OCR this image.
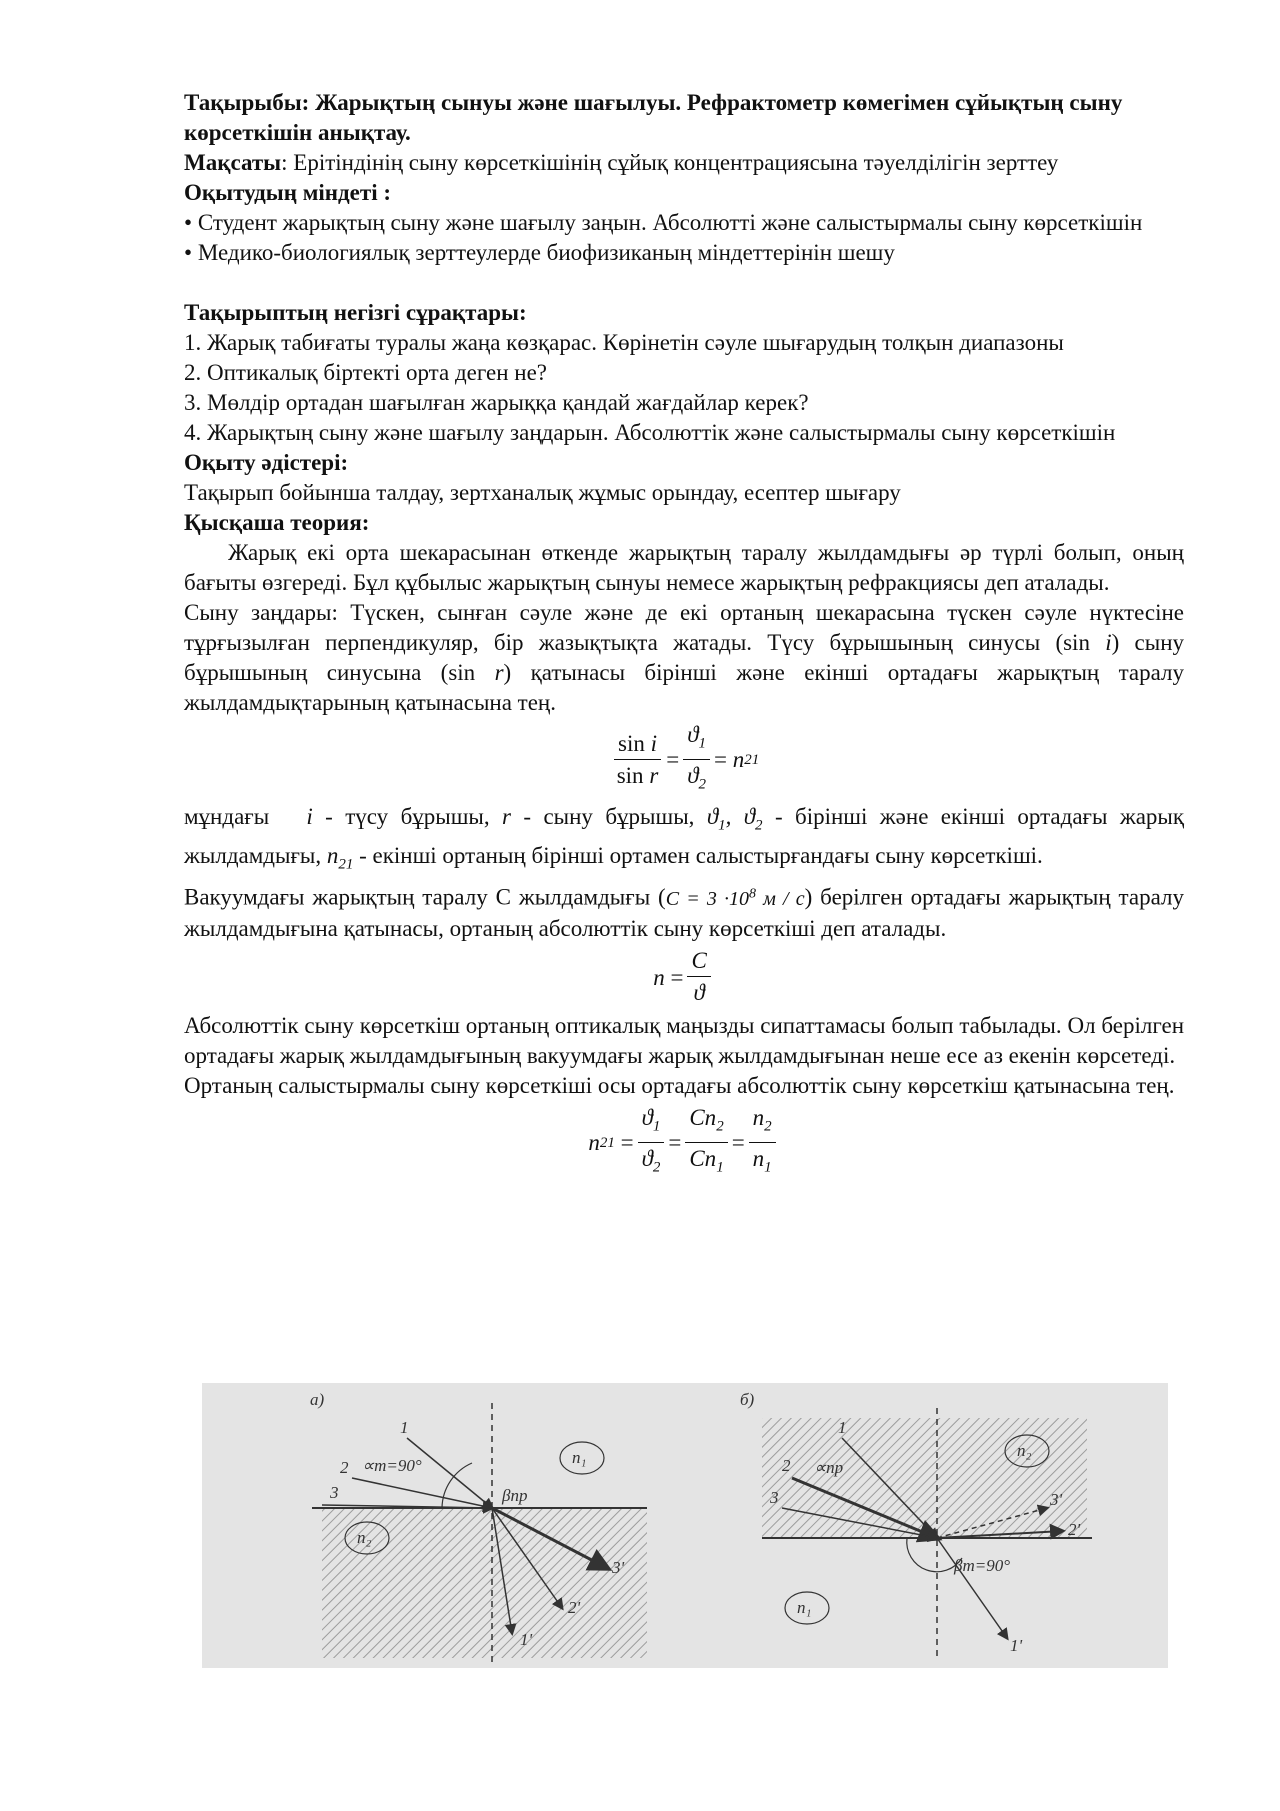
Тақырыбы: Жарықтың сынуы және шағылуы. Рефрактометр көмегімен сұйықтың сыну көрсеткішін анықтау.

Мақсаты: Ерітіндінің сыну көрсеткішінің сұйық концентрациясына тәуелділігін зерттеу

Оқытудың міндеті :

• Студент жарықтың сыну және шағылу заңын. Абсолютті және салыстырмалы сыну көрсеткішін

• Медико-биологиялық зерттеулерде биофизиканың міндеттерінін шешу

Тақырыптың негізгі сұрақтары:

1. Жарық табиғаты туралы жаңа көзқарас. Көрінетін сәуле шығарудың толқын диапазоны

2. Оптикалық біртекті орта деген не?

3. Мөлдір ортадан шағылған жарыққа қандай жағдайлар керек?

4. Жарықтың сыну және шағылу заңдарын. Абсолюттік және салыстырмалы сыну көрсеткішін

Оқыту әдістері:

Тақырып бойынша талдау, зертханалық жұмыс орындау, есептер шығару

Қысқаша теория:

Жарық екі орта шекарасынан өткенде жарықтың таралу жылдамдығы әр түрлі болып, оның бағыты өзгереді. Бұл құбылыс жарықтың сынуы немесе жарықтың рефракциясы деп аталады.

Сыну заңдары: Түскен, сынған сәуле және де екі ортаның шекарасына түскен сәуле нүктесіне тұрғызылған перпендикуляр, бір жазықтықта жатады. Түсу бұрышының синусы (sin i) сыну бұрышының синусына (sin r) қатынасы бірінші және екінші ортадағы жарықтың таралу жылдамдықтарының қатынасына тең.

$\frac{\text{sin i}}{\text{sin r}} = \frac{ϑ_1}{ϑ_2} = n$ 21

мұндағы i - түсу бұрышы, r - сыну бұрышы, $ϑ_1$, $ϑ_2$ - бірінші және екінші ортадағы жарық жылдамдығы, $n_{21}$ - екінші ортаның бірінші ортамен салыстырғандағы сыну көрсеткіші.

Вакуумдағы жарықтың таралу С жылдамдығы ($C = 3 \cdot 10^8$ м / с) берілген ортадағы жарықтың таралу жылдамдығына қатынасы, ортаның абсолюттік сыну көрсеткіші деп аталады.

$n = \frac{C}{ϑ}$

Абсолюттік сыну көрсеткіш ортаның оптикалық маңызды сипаттамасы болып табылады. Ол берілген ортадағы жарық жылдамдығының вакуумдағы жарық жылдамдығынан неше есе аз екенін көрсетеді.

Ортаның салыстырмалы сыну көрсеткіші осы ортадағы абсолюттік сыну көрсеткіш қатынасына тең.

n $21 = \frac{ϑ_1}{ϑ_2} = \frac{Cn_2}{Cn_1} = \frac{n_2}{n_1}$
а)
n₁
n₂
∝m=90°
βпр
1
2
3
1'
2'
3'
б)
n₂
n₁
∝пр
βm=90°
1
2
3	3'
2'
1'
